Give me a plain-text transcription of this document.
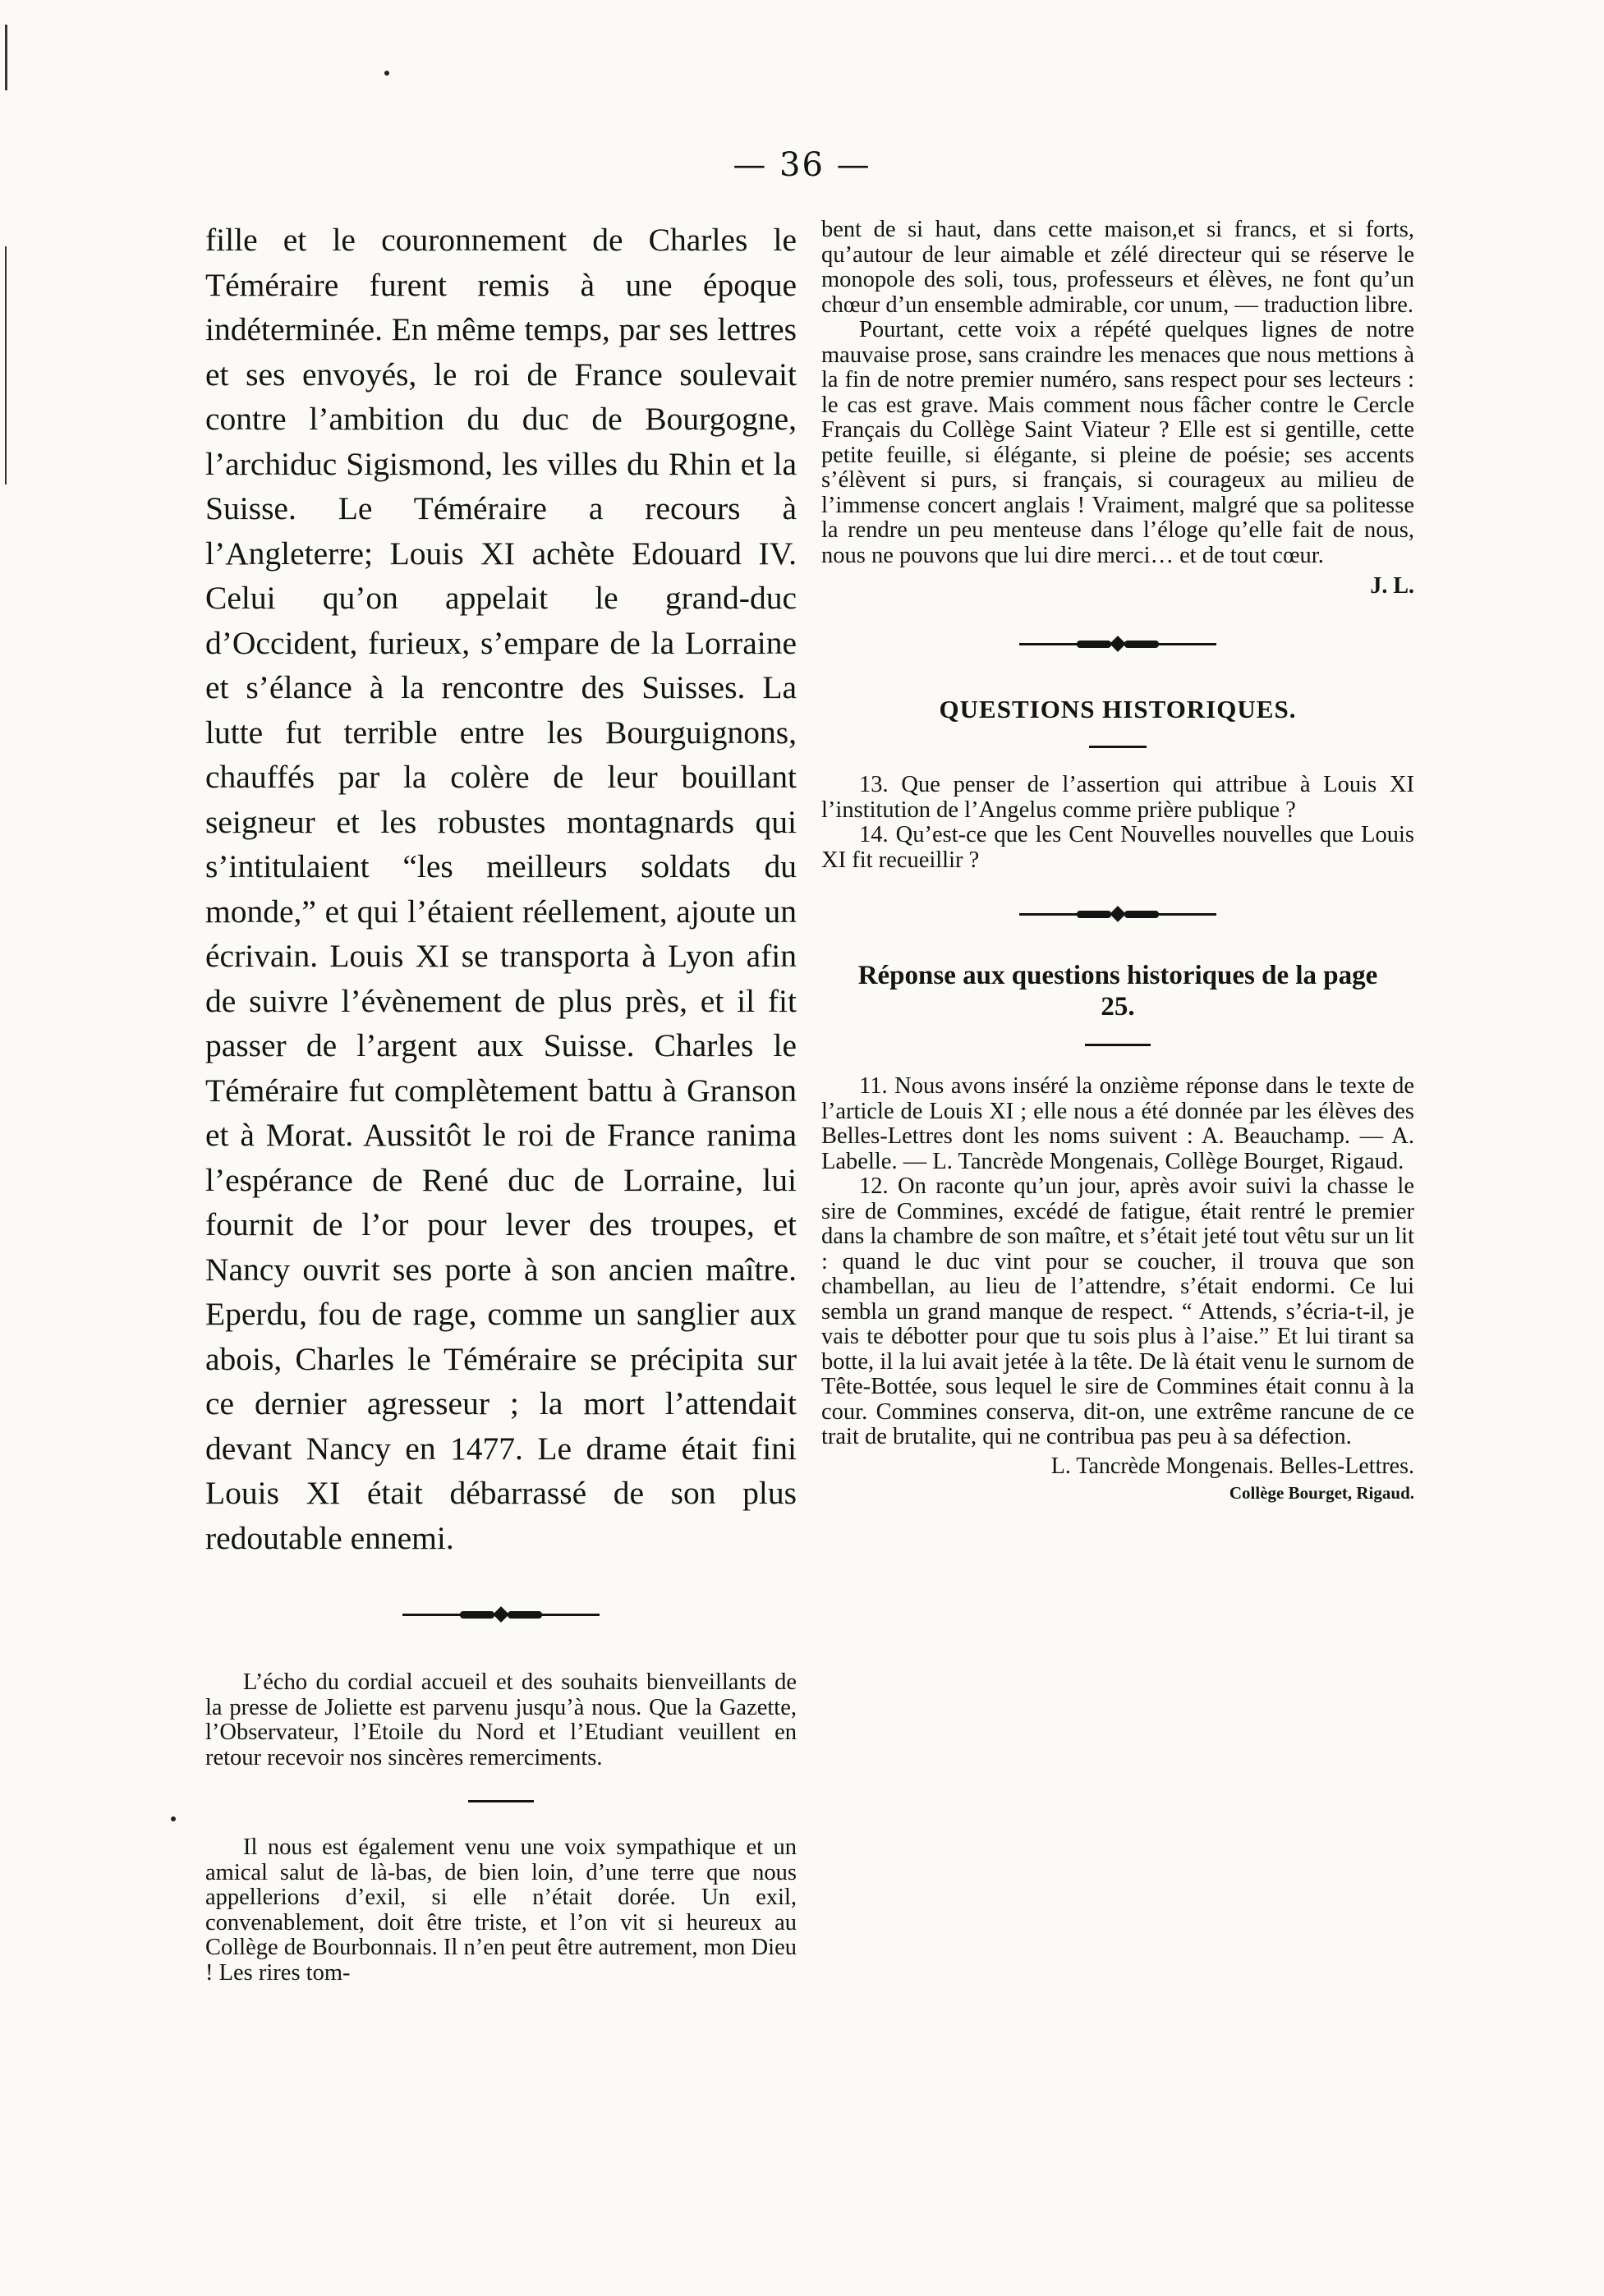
— 36 —

fille et le couronnement de Charles le Téméraire furent remis à une époque indéterminée. En même temps, par ses lettres et ses envoyés, le roi de France soulevait contre l’ambition du duc de Bourgogne, l’archiduc Sigismond, les villes du Rhin et la Suisse. Le Téméraire a recours à l’Angleterre; Louis XI achète Edouard IV. Celui qu’on appelait le grand-duc d’Occident, furieux, s’empare de la Lorraine et s’élance à la rencontre des Suisses. La lutte fut terrible entre les Bourguignons, chauffés par la colère de leur bouillant seigneur et les robustes montagnards qui s’intitulaient “les meilleurs soldats du monde,” et qui l’étaient réellement, ajoute un écrivain. Louis XI se transporta à Lyon afin de suivre l’évènement de plus près, et il fit passer de l’argent aux Suisse. Charles le Téméraire fut complètement battu à Granson et à Morat. Aussitôt le roi de France ranima l’espérance de René duc de Lorraine, lui fournit de l’or pour lever des troupes, et Nancy ouvrit ses porte à son ancien maître. Eperdu, fou de rage, comme un sanglier aux abois, Charles le Téméraire se précipita sur ce dernier agresseur ; la mort l’attendait devant Nancy en 1477. Le drame était fini Louis XI était débarrassé de son plus redoutable ennemi.

L’écho du cordial accueil et des souhaits bienveillants de la presse de Joliette est parvenu jusqu’à nous. Que la Gazette, l’Observateur, l’Etoile du Nord et l’Etudiant veuillent en retour recevoir nos sincères remerciments.

Il nous est également venu une voix sympathique et un amical salut de là-bas, de bien loin, d’une terre que nous appellerions d’exil, si elle n’était dorée. Un exil, convenablement, doit être triste, et l’on vit si heureux au Collège de Bourbonnais. Il n’en peut être autrement, mon Dieu ! Les rires tom-

bent de si haut, dans cette maison,et si francs, et si forts, qu’autour de leur aimable et zélé directeur qui se réserve le monopole des soli, tous, professeurs et élèves, ne font qu’un chœur d’un ensemble admirable, cor unum, — traduction libre.

Pourtant, cette voix a répété quelques lignes de notre mauvaise prose, sans craindre les menaces que nous mettions à la fin de notre premier numéro, sans respect pour ses lecteurs : le cas est grave. Mais comment nous fâcher contre le Cercle Français du Collège Saint Viateur ? Elle est si gentille, cette petite feuille, si élégante, si pleine de poésie; ses accents s’élèvent si purs, si français, si courageux au milieu de l’immense concert anglais ! Vraiment, malgré que sa politesse la rendre un peu menteuse dans l’éloge qu’elle fait de nous, nous ne pouvons que lui dire merci… et de tout cœur.

J. L.

QUESTIONS HISTORIQUES.

13. Que penser de l’assertion qui attribue à Louis XI l’institution de l’Angelus comme prière publique ?

14. Qu’est-ce que les Cent Nouvelles nouvelles que Louis XI fit recueillir ?

Réponse aux questions historiques de la page 25.

11. Nous avons inséré la onzième réponse dans le texte de l’article de Louis XI ; elle nous a été donnée par les élèves des Belles-Lettres dont les noms suivent : A. Beauchamp. — A. Labelle. — L. Tancrède Mongenais, Collège Bourget, Rigaud.

12. On raconte qu’un jour, après avoir suivi la chasse le sire de Commines, excédé de fatigue, était rentré le premier dans la chambre de son maître, et s’était jeté tout vêtu sur un lit : quand le duc vint pour se coucher, il trouva que son chambellan, au lieu de l’attendre, s’était endormi. Ce lui sembla un grand manque de respect. “ Attends, s’écria-t-il, je vais te débotter pour que tu sois plus à l’aise.” Et lui tirant sa botte, il la lui avait jetée à la tête. De là était venu le surnom de Tête-Bottée, sous lequel le sire de Commines était connu à la cour. Commines conserva, dit-on, une extrême rancune de ce trait de brutalite, qui ne contribua pas peu à sa défection.

L. Tancrède Mongenais. Belles-Lettres.

Collège Bourget, Rigaud.
